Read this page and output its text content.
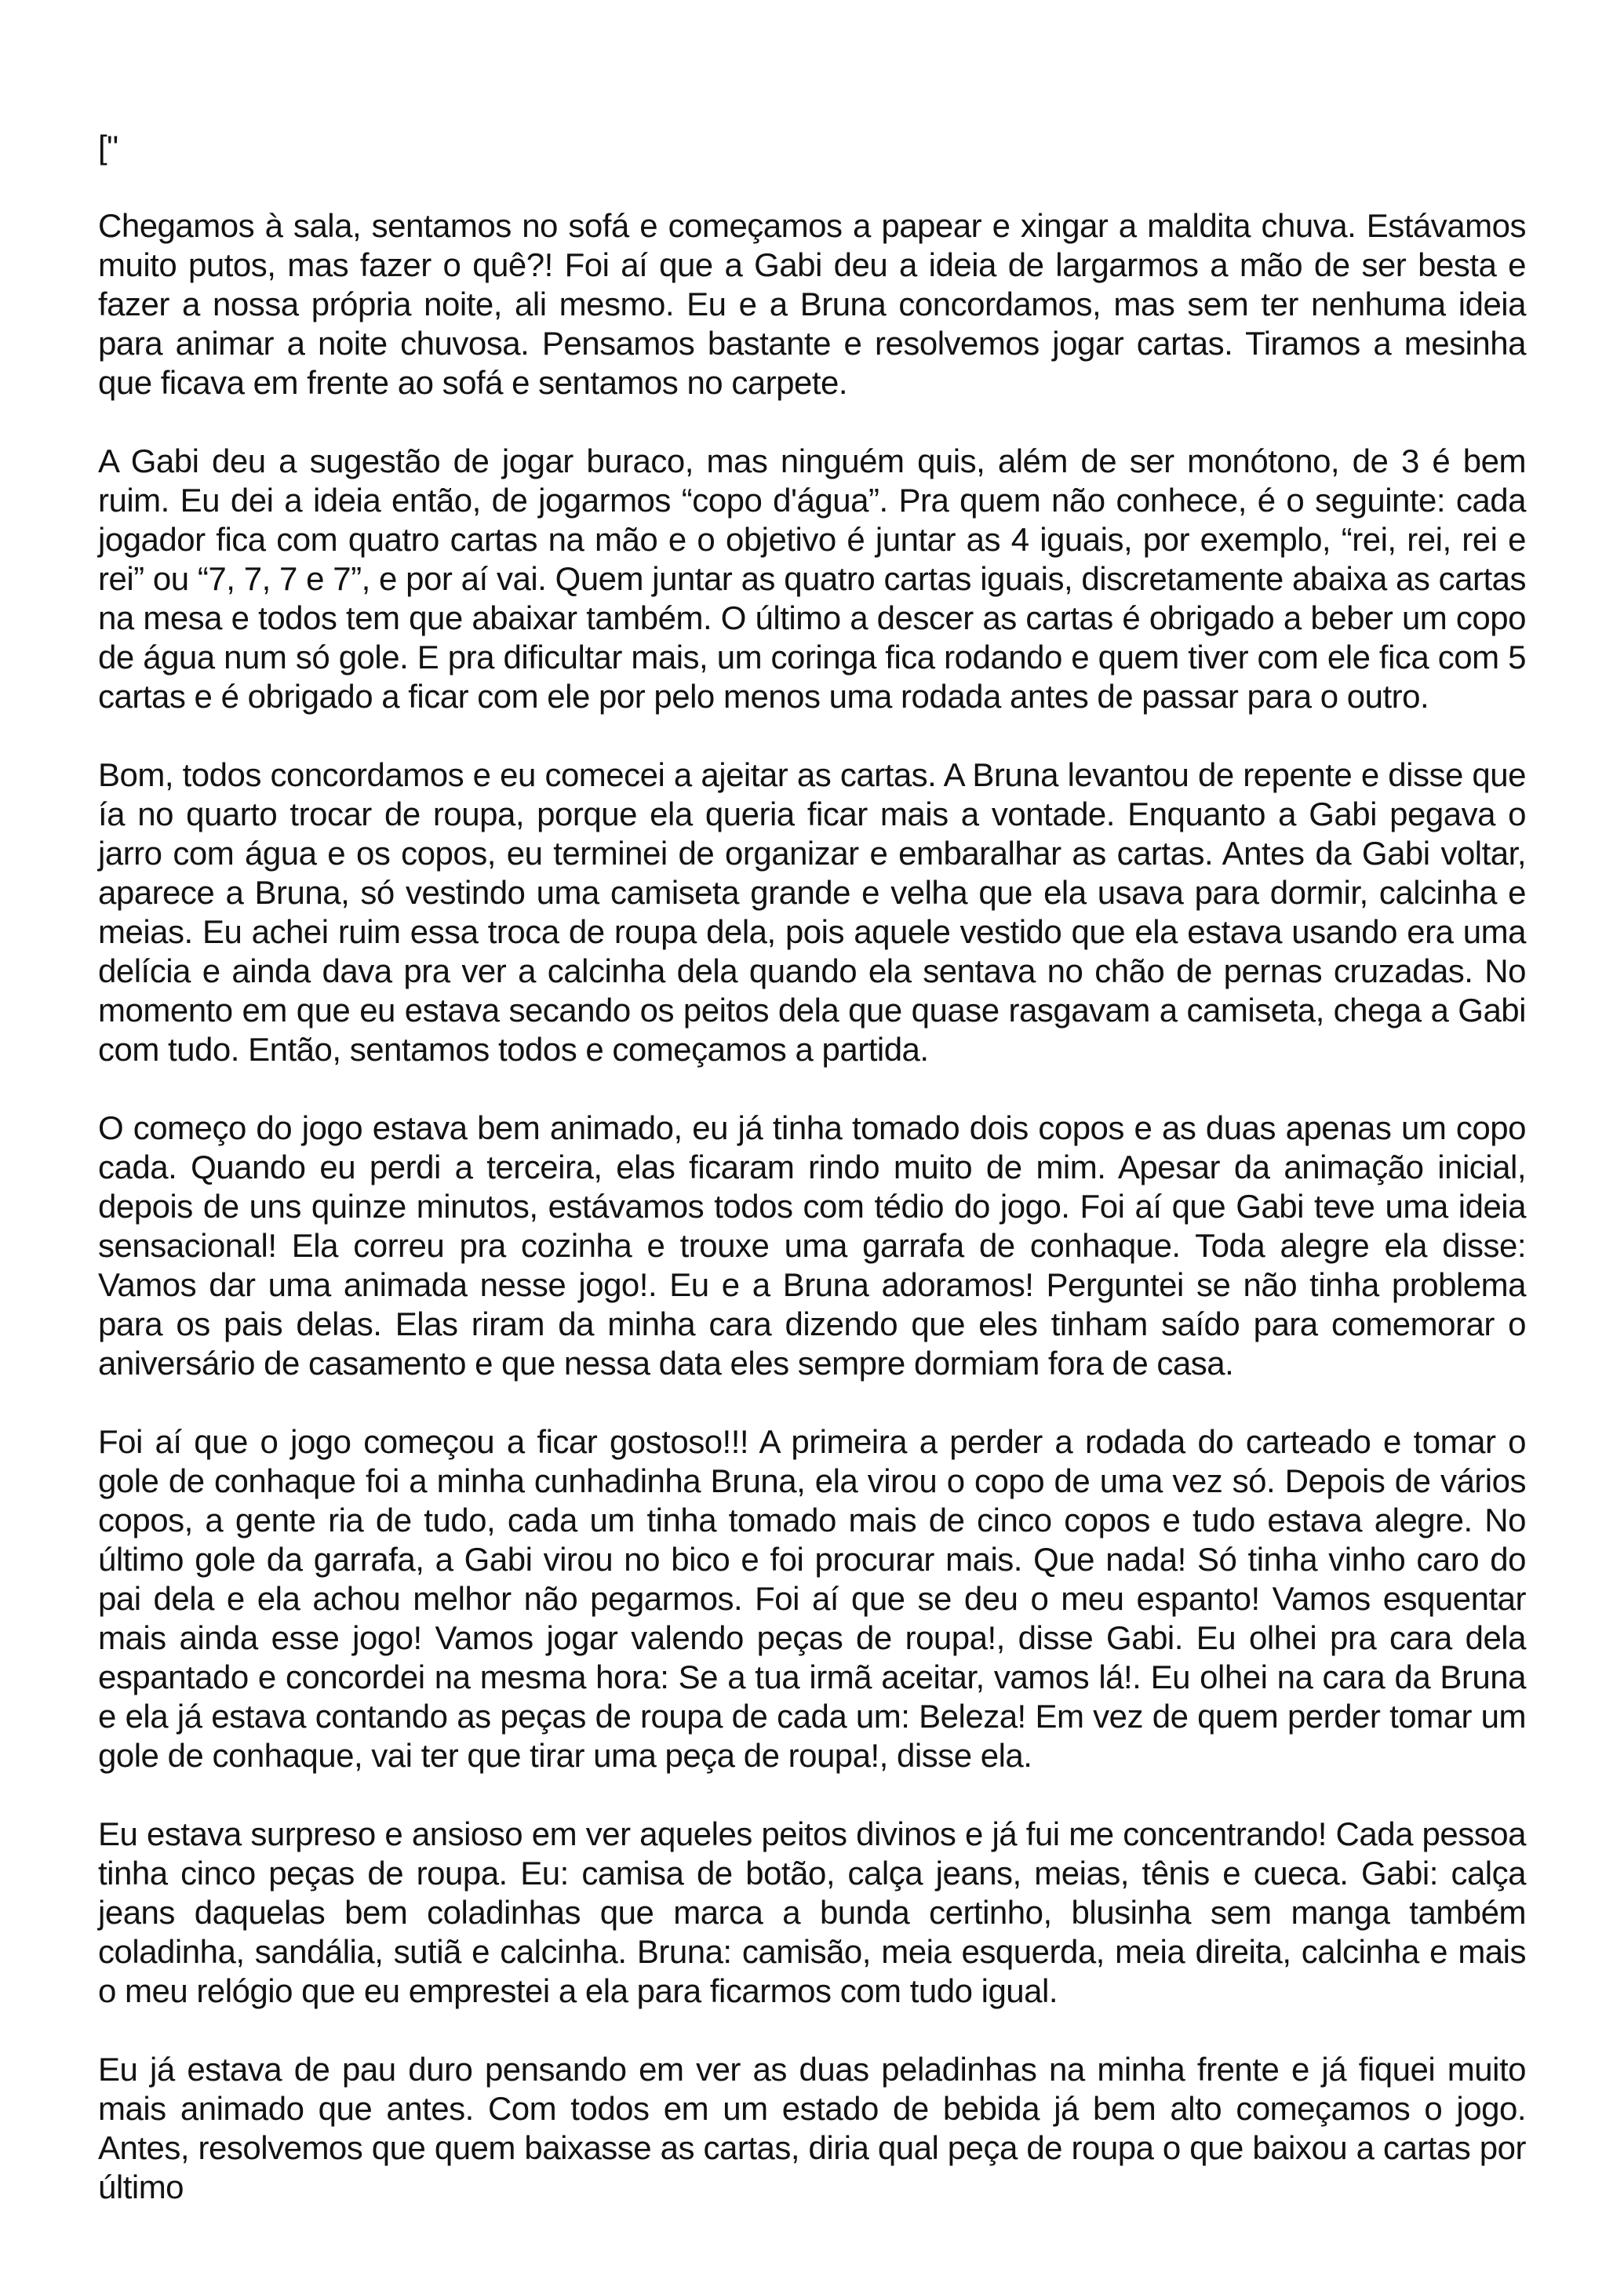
["

Chegamos à sala, sentamos no sofá e começamos a papear e xingar a maldita chuva. Estávamos muito putos, mas fazer o quê?! Foi aí que a Gabi deu a ideia de largarmos a mão de ser besta e fazer a nossa própria noite, ali mesmo. Eu e a Bruna concordamos, mas sem ter nenhuma ideia para animar a noite chuvosa. Pensamos bastante e resolvemos jogar cartas. Tiramos a mesinha que ficava em frente ao sofá e sentamos no carpete.

A Gabi deu a sugestão de jogar buraco, mas ninguém quis, além de ser monótono, de 3 é bem ruim. Eu dei a ideia então, de jogarmos “copo d'água”. Pra quem não conhece, é o seguinte: cada jogador fica com quatro cartas na mão e o objetivo é juntar as 4 iguais, por exemplo, “rei, rei, rei e rei” ou “7, 7, 7 e 7”, e por aí vai. Quem juntar as quatro cartas iguais, discretamente abaixa as cartas na mesa e todos tem que abaixar também. O último a descer as cartas é obrigado a beber um copo de água num só gole. E pra dificultar mais, um coringa fica rodando e quem tiver com ele fica com 5 cartas e é obrigado a ficar com ele por pelo menos uma rodada antes de passar para o outro.

Bom, todos concordamos e eu comecei a ajeitar as cartas. A Bruna levantou de repente e disse que ía no quarto trocar de roupa, porque ela queria ficar mais a vontade. Enquanto a Gabi pegava o jarro com água e os copos, eu terminei de organizar e embaralhar as cartas. Antes da Gabi voltar, aparece a Bruna, só vestindo uma camiseta grande e velha que ela usava para dormir, calcinha e meias. Eu achei ruim essa troca de roupa dela, pois aquele vestido que ela estava usando era uma delícia e ainda dava pra ver a calcinha dela quando ela sentava no chão de pernas cruzadas. No momento em que eu estava secando os peitos dela que quase rasgavam a camiseta, chega a Gabi com tudo. Então, sentamos todos e começamos a partida.

O começo do jogo estava bem animado, eu já tinha tomado dois copos e as duas apenas um copo cada. Quando eu perdi a terceira, elas ficaram rindo muito de mim. Apesar da animação inicial, depois de uns quinze minutos, estávamos todos com tédio do jogo. Foi aí que Gabi teve uma ideia sensacional! Ela correu pra cozinha e trouxe uma garrafa de conhaque. Toda alegre ela disse: Vamos dar uma animada nesse jogo!. Eu e a Bruna adoramos! Perguntei se não tinha problema para os pais delas. Elas riram da minha cara dizendo que eles tinham saído para comemorar o aniversário de casamento e que nessa data eles sempre dormiam fora de casa.

Foi aí que o jogo começou a ficar gostoso!!! A primeira a perder a rodada do carteado e tomar o gole de conhaque foi a minha cunhadinha Bruna, ela virou o copo de uma vez só. Depois de vários copos, a gente ria de tudo, cada um tinha tomado mais de cinco copos e tudo estava alegre. No último gole da garrafa, a Gabi virou no bico e foi procurar mais. Que nada! Só tinha vinho caro do pai dela e ela achou melhor não pegarmos. Foi aí que se deu o meu espanto! Vamos esquentar mais ainda esse jogo! Vamos jogar valendo peças de roupa!, disse Gabi. Eu olhei pra cara dela espantado e concordei na mesma hora: Se a tua irmã aceitar, vamos lá!. Eu olhei na cara da Bruna e ela já estava contando as peças de roupa de cada um: Beleza! Em vez de quem perder tomar um gole de conhaque, vai ter que tirar uma peça de roupa!, disse ela.

Eu estava surpreso e ansioso em ver aqueles peitos divinos e já fui me concentrando! Cada pessoa tinha cinco peças de roupa. Eu: camisa de botão, calça jeans, meias, tênis e cueca. Gabi: calça jeans daquelas bem coladinhas que marca a bunda certinho, blusinha sem manga também coladinha, sandália, sutiã e calcinha. Bruna: camisão, meia esquerda, meia direita, calcinha e mais o meu relógio que eu emprestei a ela para ficarmos com tudo igual.

Eu já estava de pau duro pensando em ver as duas peladinhas na minha frente e já fiquei muito mais animado que antes. Com todos em um estado de bebida já bem alto começamos o jogo. Antes, resolvemos que quem baixasse as cartas, diria qual peça de roupa o que baixou a cartas por último
